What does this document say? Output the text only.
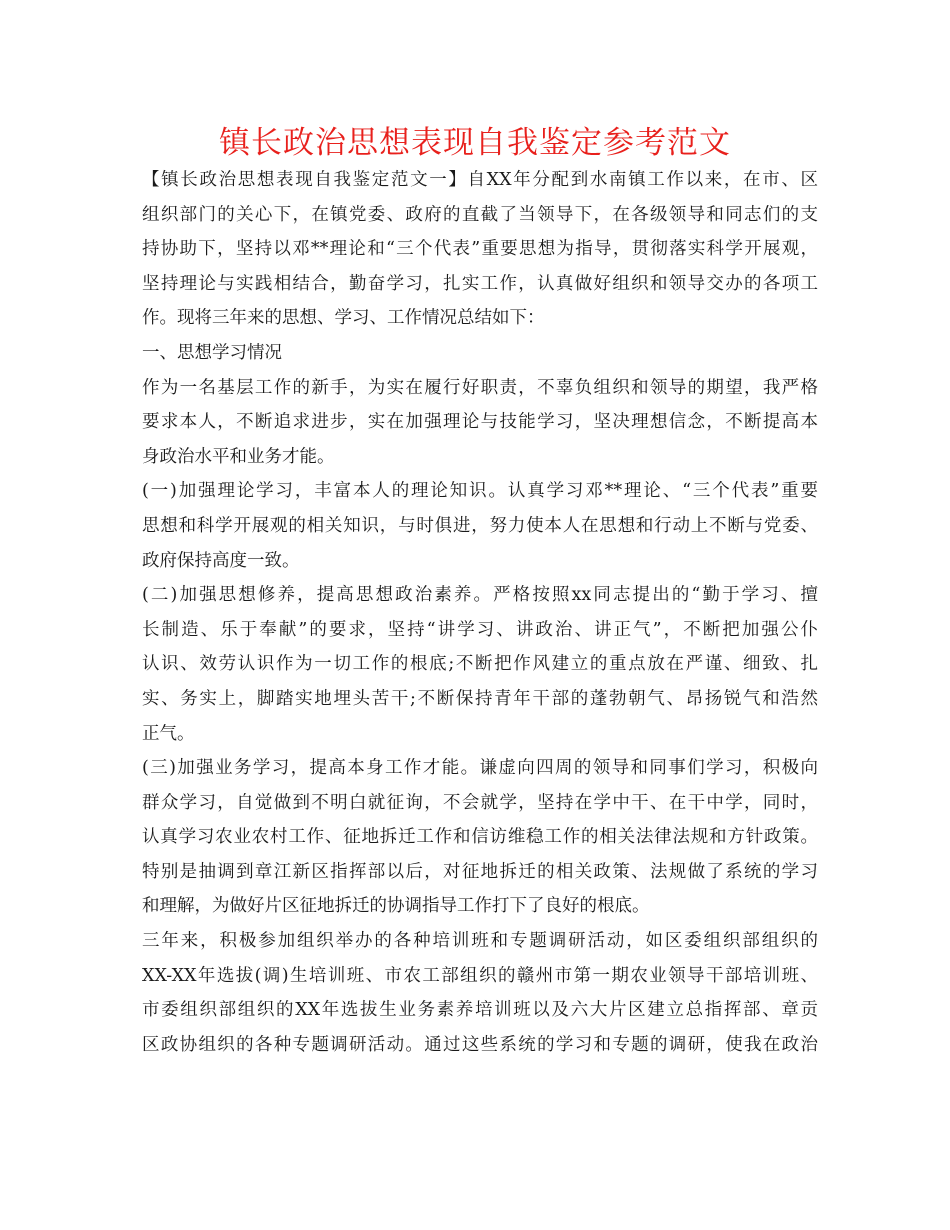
镇长政治思想表现自我鉴定参考范文
【镇长政治思想表现自我鉴定范文一】自XX年分配到水南镇工作以来，在市、区
组织部门的关心下，在镇党委、政府的直截了当领导下，在各级领导和同志们的支
持协助下，坚持以邓**理论和“三个代表”重要思想为指导，贯彻落实科学开展观，
坚持理论与实践相结合，勤奋学习，扎实工作，认真做好组织和领导交办的各项工
作。现将三年来的思想、学习、工作情况总结如下：
一、思想学习情况
作为一名基层工作的新手，为实在履行好职责，不辜负组织和领导的期望，我严格
要求本人，不断追求进步，实在加强理论与技能学习，坚决理想信念，不断提高本
身政治水平和业务才能。
(一)加强理论学习，丰富本人的理论知识。认真学习邓**理论、“三个代表”重要
思想和科学开展观的相关知识，与时俱进，努力使本人在思想和行动上不断与党委、
政府保持高度一致。
(二)加强思想修养，提高思想政治素养。严格按照xx同志提出的“勤于学习、擅
长制造、乐于奉献”的要求，坚持“讲学习、讲政治、讲正气”，不断把加强公仆
认识、效劳认识作为一切工作的根底;不断把作风建立的重点放在严谨、细致、扎
实、务实上，脚踏实地埋头苦干;不断保持青年干部的蓬勃朝气、昂扬锐气和浩然
正气。
(三)加强业务学习，提高本身工作才能。谦虚向四周的领导和同事们学习，积极向
群众学习，自觉做到不明白就征询，不会就学，坚持在学中干、在干中学，同时，
认真学习农业农村工作、征地拆迁工作和信访维稳工作的相关法律法规和方针政策。
特别是抽调到章江新区指挥部以后，对征地拆迁的相关政策、法规做了系统的学习
和理解，为做好片区征地拆迁的协调指导工作打下了良好的根底。
三年来，积极参加组织举办的各种培训班和专题调研活动，如区委组织部组织的
XX-XX年选拔(调)生培训班、市农工部组织的赣州市第一期农业领导干部培训班、
市委组织部组织的XX年选拔生业务素养培训班以及六大片区建立总指挥部、章贡
区政协组织的各种专题调研活动。通过这些系统的学习和专题的调研，使我在政治
